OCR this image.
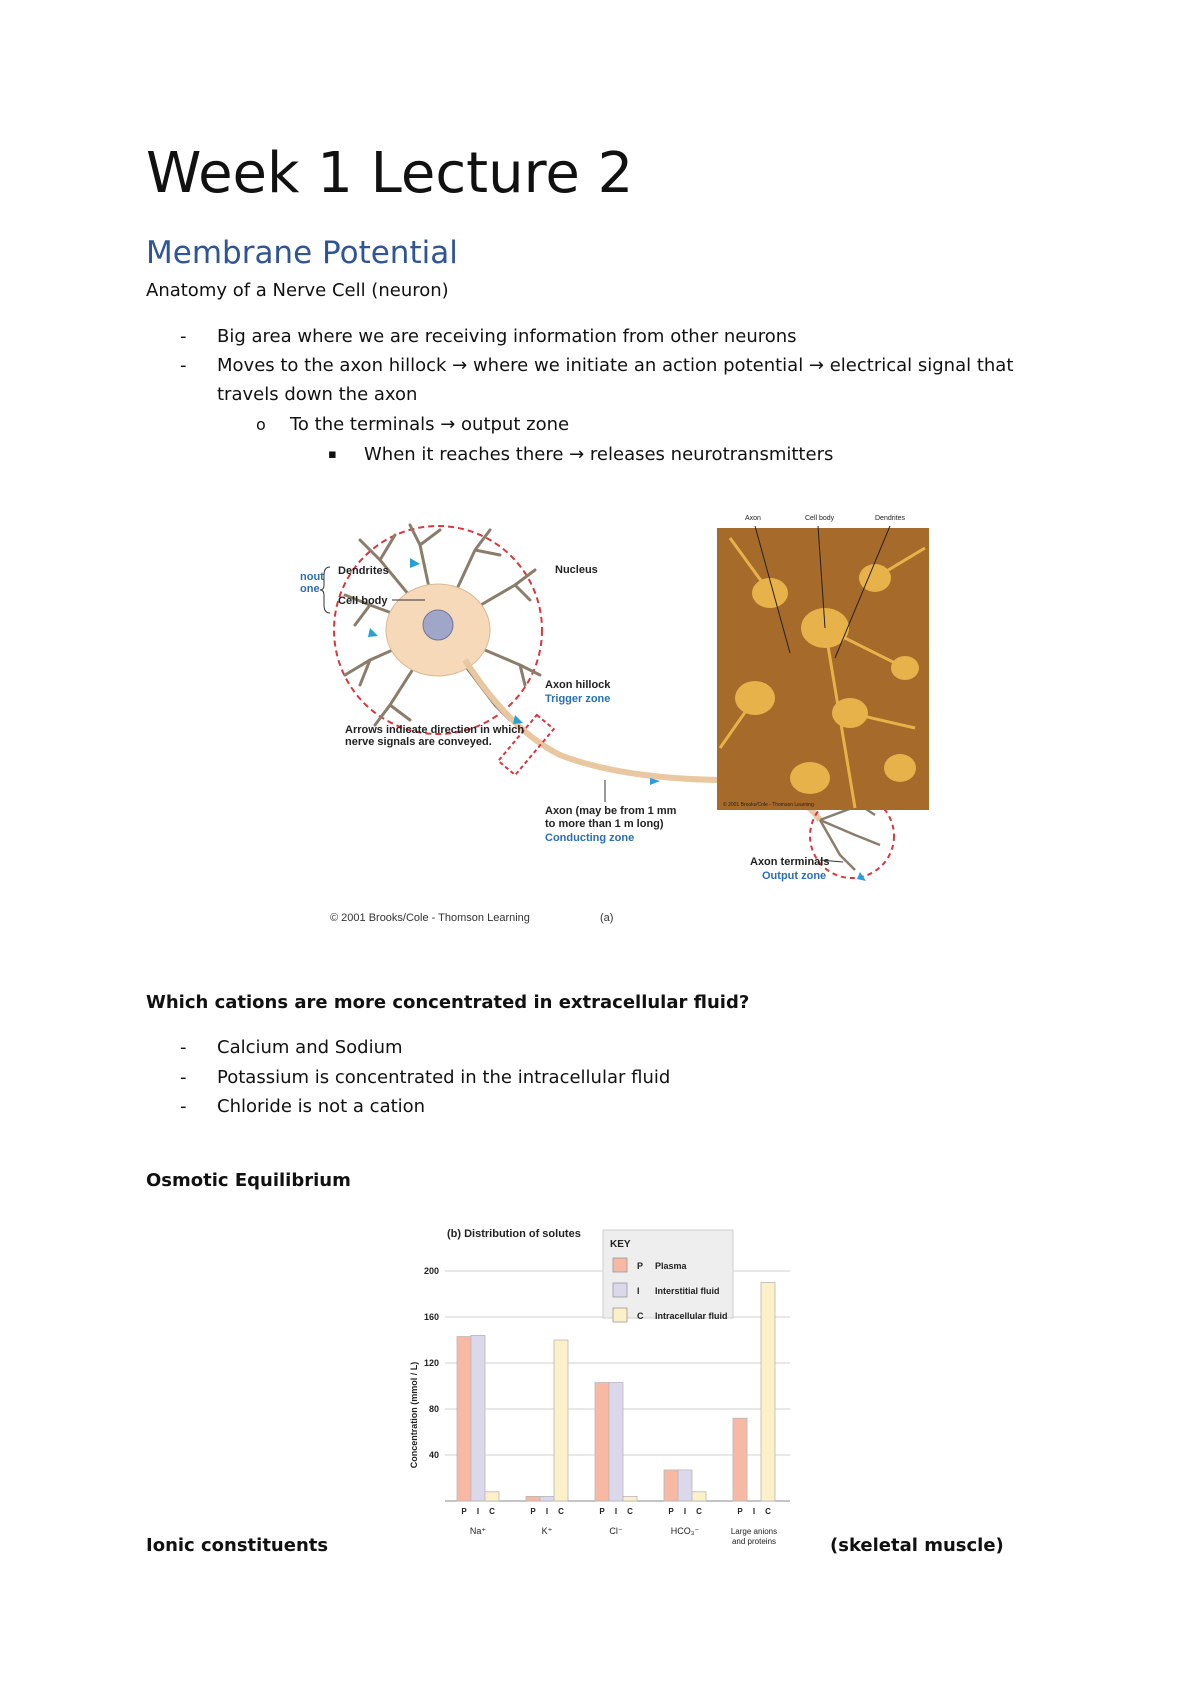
Week 1 Lecture 2
Membrane Potential
Anatomy of a Nerve Cell (neuron)
- Big area where we are receiving information from other neurons
- Moves to the axon hillock → where we initiate an action potential → electrical signal that
travels down the axon
o To the terminals → output zone
▪ When it reaches there → releases neurotransmitters
nout
one
Dendrites
Cell body
Nucleus
Axon hillock
Trigger zone
Arrows indicate direction in which
nerve signals are conveyed.
Axon (may be from 1 mm
to more than 1 m long)
Conducting zone
Axon terminals
Output zone
© 2001 Brooks/Cole - Thomson Learning	(a)
Axon	Cell body	Dendrites
© 2001 Brooks/Cole - Thomson Learning
Which cations are more concentrated in extracellular fluid?
- Calcium and Sodium
- Potassium is concentrated in the intracellular fluid
- Chloride is not a cation
Osmotic Equilibrium
(b) Distribution of solutes
Concentration (mmol / L) 40
80
120
160
200
P I C
Na⁺
P I C
K⁺
P I C
Cl⁻
P I C
HCO₃⁻
P I C
Large anions
and proteins
KEY
P Plasma
I Interstitial fluid
C Intracellular fluid
Ionic constituents	(skeletal muscle)
